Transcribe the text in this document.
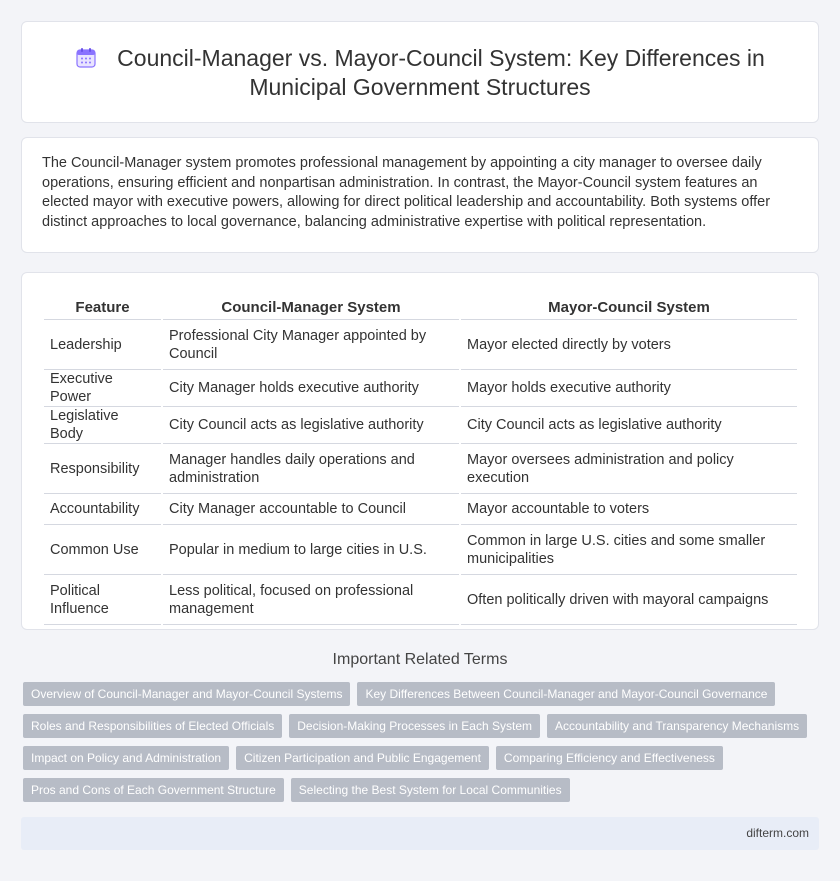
Council-Manager vs. Mayor-Council System: Key Differences in Municipal Government Structures

The Council-Manager system promotes professional management by appointing a city manager to oversee daily operations, ensuring efficient and nonpartisan administration. In contrast, the Mayor-Council system features an elected mayor with executive powers, allowing for direct political leadership and accountability. Both systems offer distinct approaches to local governance, balancing administrative expertise with political representation.

Feature	Council-Manager System	Mayor-Council System
Leadership	Professional City Manager appointed by Council	Mayor elected directly by voters
Executive Power	City Manager holds executive authority	Mayor holds executive authority
Legislative Body	City Council acts as legislative authority	City Council acts as legislative authority
Responsibility	Manager handles daily operations and administration	Mayor oversees administration and policy execution
Accountability	City Manager accountable to Council	Mayor accountable to voters
Common Use	Popular in medium to large cities in U.S.	Common in large U.S. cities and some smaller municipalities
Political Influence	Less political, focused on professional management	Often politically driven with mayoral campaigns
Important Related Terms
Overview of Council-Manager and Mayor-Council Systems	Key Differences Between Council-Manager and Mayor-Council Governance
Roles and Responsibilities of Elected Officials	Decision-Making Processes in Each System	Accountability and Transparency Mechanisms
Impact on Policy and Administration	Citizen Participation and Public Engagement	Comparing Efficiency and Effectiveness
Pros and Cons of Each Government Structure	Selecting the Best System for Local Communities
difterm.com
